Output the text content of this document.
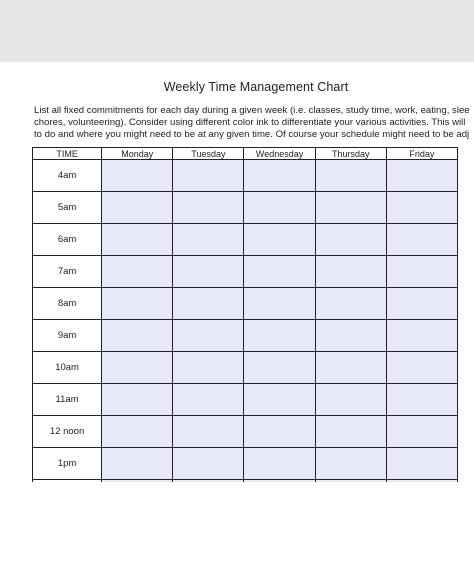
Weekly Time Management Chart
List all fixed commitments for each day during a given week (i.e. classes, study time, work, eating, slee
chores, volunteering). Consider using different color ink to differentiate your various activities. This will
to do and where you might need to be at any given time. Of course your schedule might need to be adj
TIME	Monday	Tuesday	Wednesday	Thursday	Friday
4am					
5am					
6am					
7am					
8am					
9am					
10am					
11am					
12 noon					
1pm					
